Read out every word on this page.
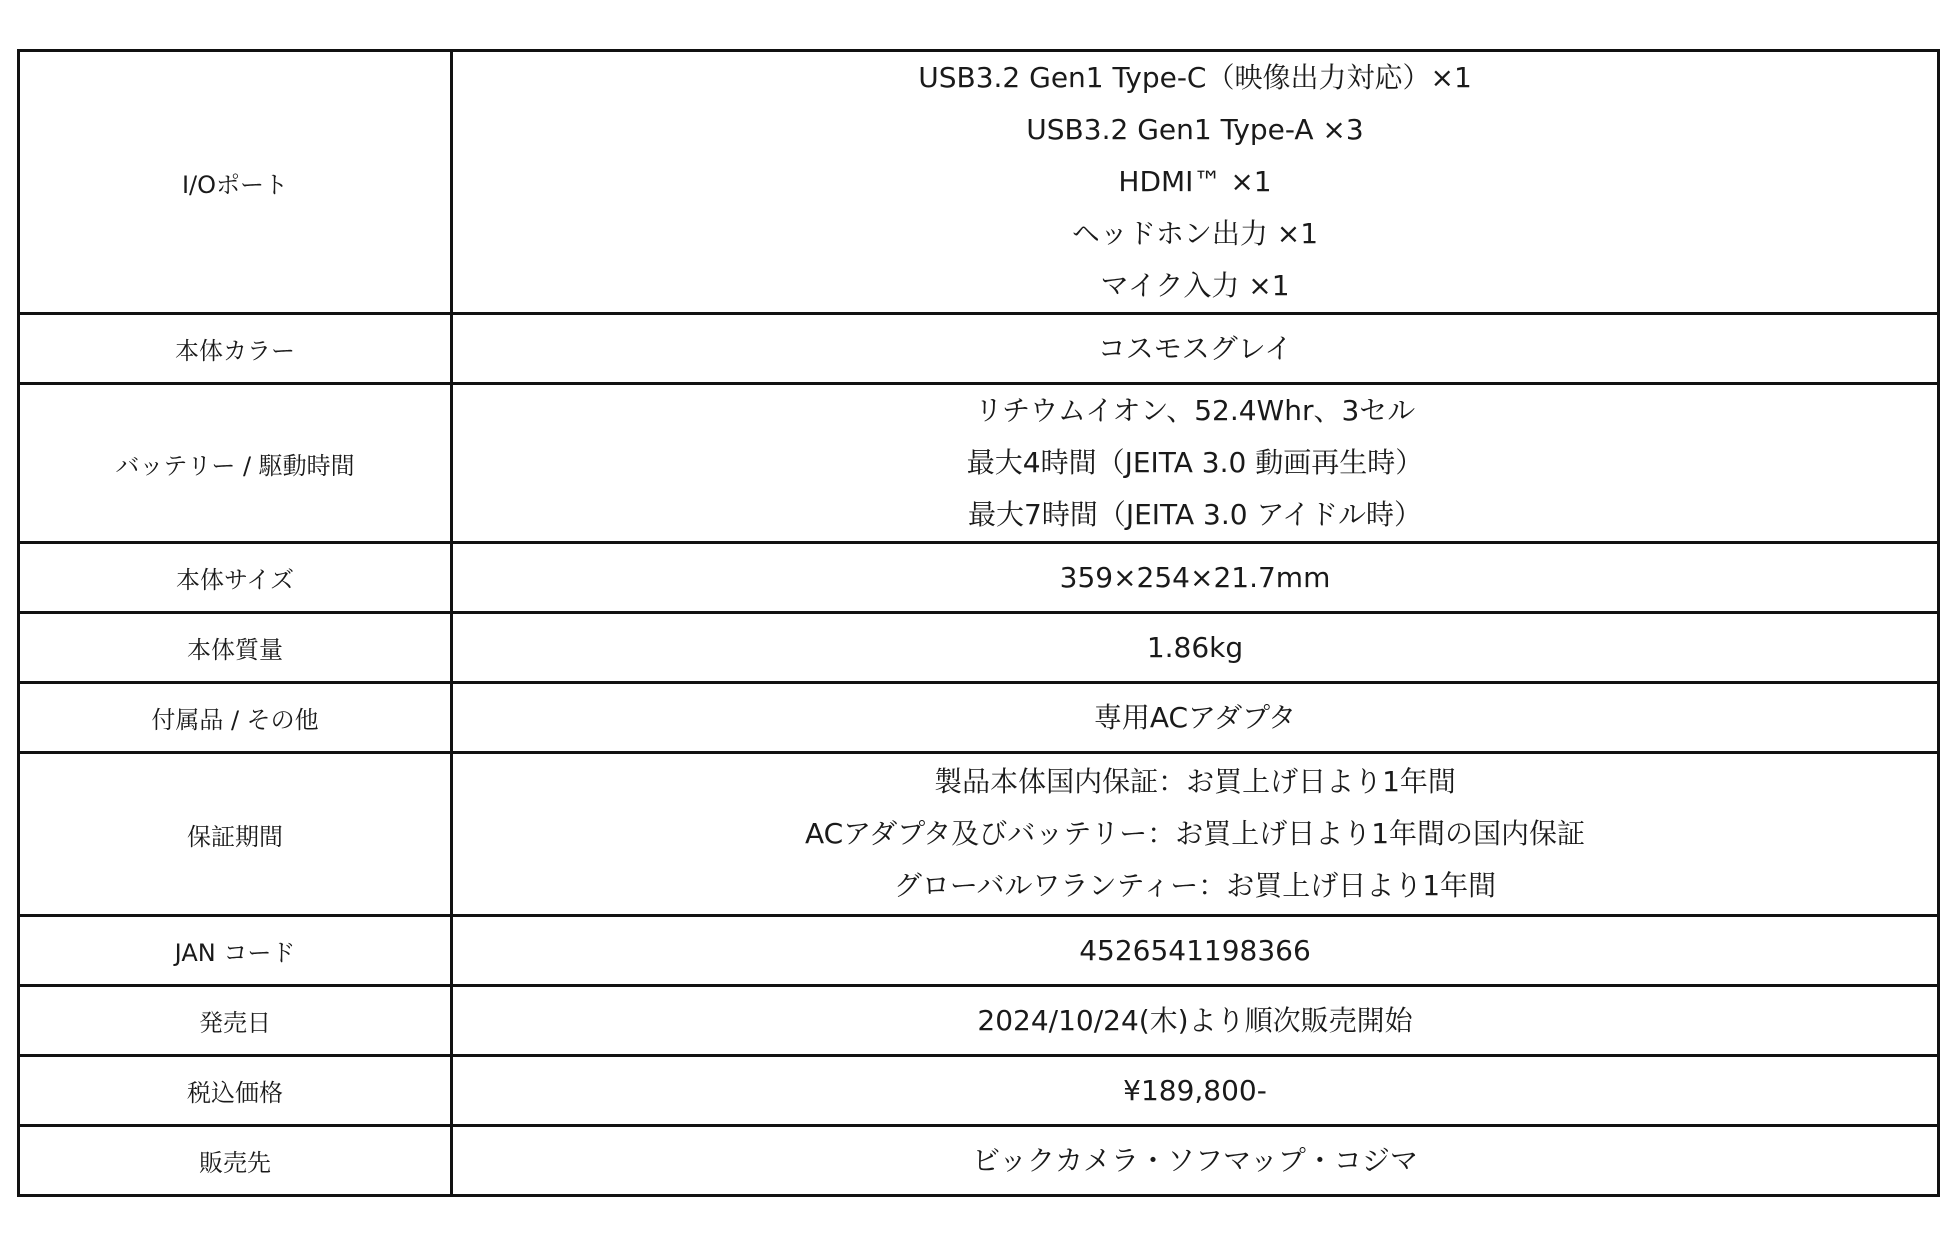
I/Oポート	USB3.2 Gen1 Type-C（映像出力対応）×1
USB3.2 Gen1 Type-A ×3
HDMI™ ×1
ヘッドホン出力 ×1
マイク入力 ×1

本体カラー	コスモスグレイ

バッテリー / 駆動時間	リチウムイオン、52.4Whr、3セル
最大4時間（JEITA 3.0 動画再生時）
最大7時間（JEITA 3.0 アイドル時）

本体サイズ	359×254×21.7mm

本体質量	1.86kg

付属品 / その他	専用ACアダプタ

保証期間	製品本体国内保証：お買上げ日より1年間
ACアダプタ及びバッテリー：お買上げ日より1年間の国内保証
グローバルワランティー：お買上げ日より1年間

JAN コード	4526541198366

発売日	2024/10/24(木)より順次販売開始

税込価格	¥189,800-

販売先	ビックカメラ・ソフマップ・コジマ
